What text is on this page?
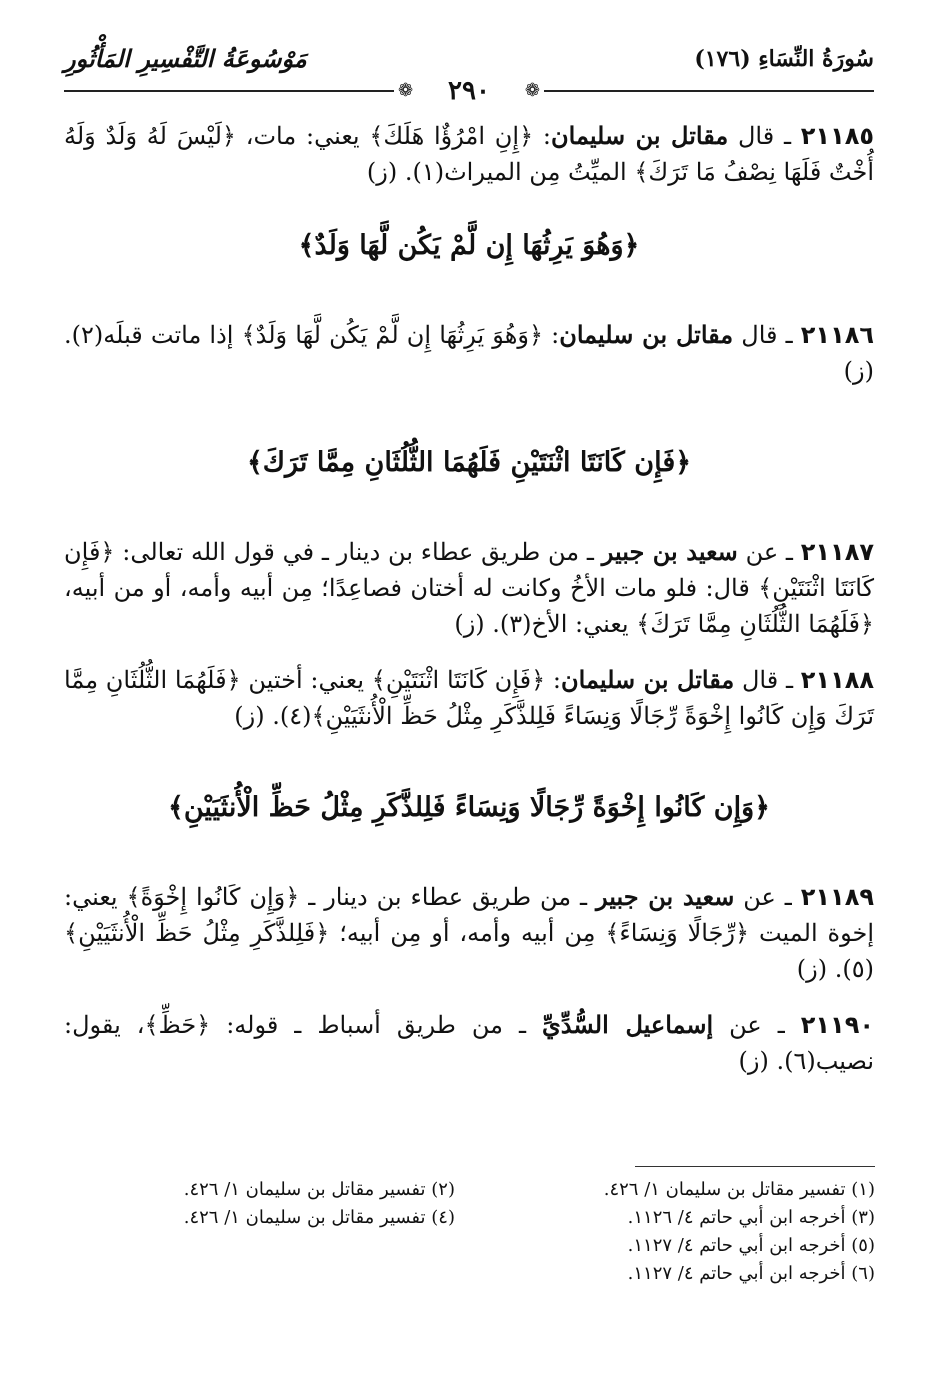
سُورَةُ النِّسَاءِ (١٧٦)
مَوْسُوعَةُ التَّفْسِيرِ المَأْثُورِ
❁
❁ ٢٩٠

٢١١٨٥ ـ قال مقاتل بن سليمان: ﴿إِنِ امْرُؤٌا هَلَكَ﴾ يعني: مات، ﴿لَيْسَ لَهُ وَلَدٌ وَلَهُ أُخْتٌ فَلَهَا نِصْفُ مَا تَرَكَ﴾ الميِّتُ مِن الميراث(١). (ز)

﴿وَهُوَ يَرِثُهَا إِن لَّمْ يَكُن لَّهَا وَلَدٌ﴾

٢١١٨٦ ـ قال مقاتل بن سليمان: ﴿وَهُوَ يَرِثُهَا إِن لَّمْ يَكُن لَّهَا وَلَدٌ﴾ إذا ماتت قبلَه(٢). (ز)

﴿فَإِن كَانَتَا اثْنَتَيْنِ فَلَهُمَا الثُّلُثَانِ مِمَّا تَرَكَ﴾

٢١١٨٧ ـ عن سعيد بن جبير ـ من طريق عطاء بن دينار ـ في قول الله تعالى: ﴿فَإِن كَانَتَا اثْنَتَيْنِ﴾ قال: فلو مات الأخُ وكانت له أختان فصاعِدًا؛ مِن أبيه وأمه، أو من أبيه، ﴿فَلَهُمَا الثُّلُثَانِ مِمَّا تَرَكَ﴾ يعني: الأخ(٣). (ز)

٢١١٨٨ ـ قال مقاتل بن سليمان: ﴿فَإِن كَانَتَا اثْنَتَيْنِ﴾ يعني: أختين ﴿فَلَهُمَا الثُّلُثَانِ مِمَّا تَرَكَ وَإِن كَانُوا إِخْوَةً رِّجَالًا وَنِسَاءً فَلِلذَّكَرِ مِثْلُ حَظِّ الْأُنثَيَيْنِ﴾(٤). (ز)

﴿وَإِن كَانُوا إِخْوَةً رِّجَالًا وَنِسَاءً فَلِلذَّكَرِ مِثْلُ حَظِّ الْأُنثَيَيْنِ﴾

٢١١٨٩ ـ عن سعيد بن جبير ـ من طريق عطاء بن دينار ـ ﴿وَإِن كَانُوا إِخْوَةً﴾ يعني: إخوة الميت ﴿رِّجَالًا وَنِسَاءً﴾ مِن أبيه وأمه، أو مِن أبيه؛ ﴿فَلِلذَّكَرِ مِثْلُ حَظِّ الْأُنثَيَيْنِ﴾(٥). (ز)

٢١١٩٠ ـ عن إسماعيل السُّدِّيِّ ـ من طريق أسباط ـ قوله: ﴿حَظِّ﴾، يقول: نصيب(٦). (ز)

(١) تفسير مقاتل بن سليمان ١/ ٤٢٦.
(٢) تفسير مقاتل بن سليمان ١/ ٤٢٦.
(٣) أخرجه ابن أبي حاتم ٤/ ١١٢٦.
(٤) تفسير مقاتل بن سليمان ١/ ٤٢٦.
(٥) أخرجه ابن أبي حاتم ٤/ ١١٢٧.
(٦) أخرجه ابن أبي حاتم ٤/ ١١٢٧.
